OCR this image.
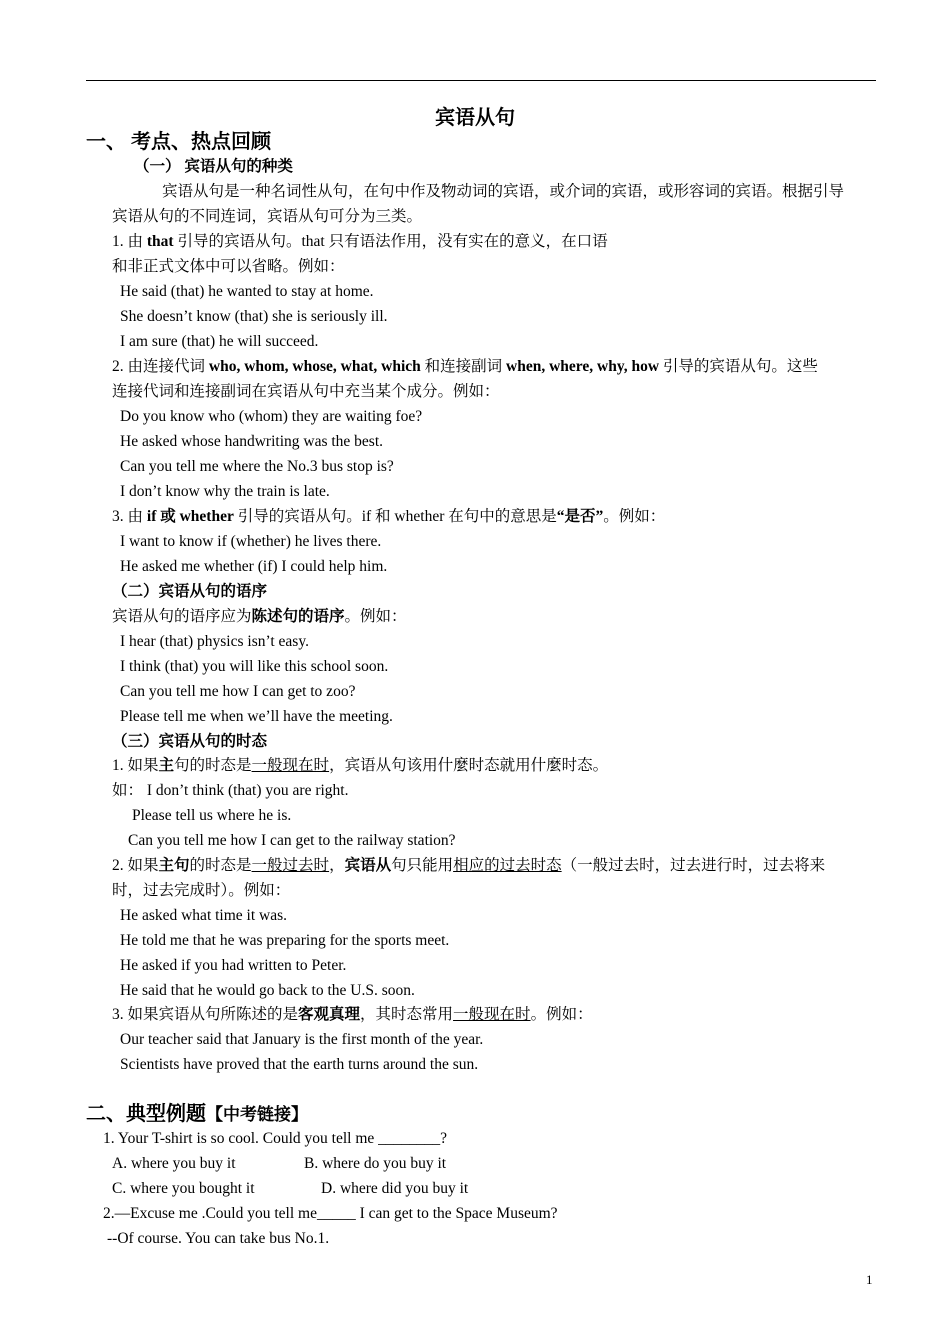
宾语从句
一、 考点、热点回顾
（一） 宾语从句的种类
宾语从句是一种名词性从句，在句中作及物动词的宾语，或介词的宾语，或形容词的宾语。根据引导
宾语从句的不同连词，宾语从句可分为三类。
1. 由 that 引导的宾语从句。that 只有语法作用，没有实在的意义，在口语
和非正式文体中可以省略。例如：
He said (that) he wanted to stay at home.
She doesn’t know (that) she is seriously ill.
I am sure (that) he will succeed.
2. 由连接代词 who, whom, whose, what, which 和连接副词 when, where, why, how 引导的宾语从句。这些
连接代词和连接副词在宾语从句中充当某个成分。例如：
Do you know who (whom) they are waiting foe?
He asked whose handwriting was the best.
Can you tell me where the No.3 bus stop is?
I don’t know why the train is late.
3. 由 if 或 whether 引导的宾语从句。if 和 whether 在句中的意思是“是否”。例如：
I want to know if (whether) he lives there.
He asked me whether (if) I could help him.
（二）宾语从句的语序
宾语从句的语序应为陈述句的语序。例如：
I hear (that) physics isn’t easy.
I think (that) you will like this school soon.
Can you tell me how I can get to zoo?
Please tell me when we’ll have the meeting.
（三）宾语从句的时态
1. 如果主句的时态是一般现在时，宾语从句该用什麼时态就用什麼时态。
如： I don’t think (that) you are right.
Please tell us where he is.
Can you tell me how I can get to the railway station?
2. 如果主句的时态是一般过去时，宾语从句只能用相应的过去时态（一般过去时，过去进行时，过去将来
时，过去完成时）。例如：
He asked what time it was.
He told me that he was preparing for the sports meet.
He asked if you had written to Peter.
He said that he would go back to the U.S. soon.
3. 如果宾语从句所陈述的是客观真理，其时态常用一般现在时。例如：
Our teacher said that January is the first month of the year.
Scientists have proved that the earth turns around the sun.
二、典型例题【中考链接】
1. Your T-shirt is so cool. Could you tell me ________?
A. where you buy it	B. where do you buy it
C. where you bought it	D. where did you buy it
2.—Excuse me .Could you tell me_____ I can get to the Space Museum?
--Of course. You can take bus No.1.
1
